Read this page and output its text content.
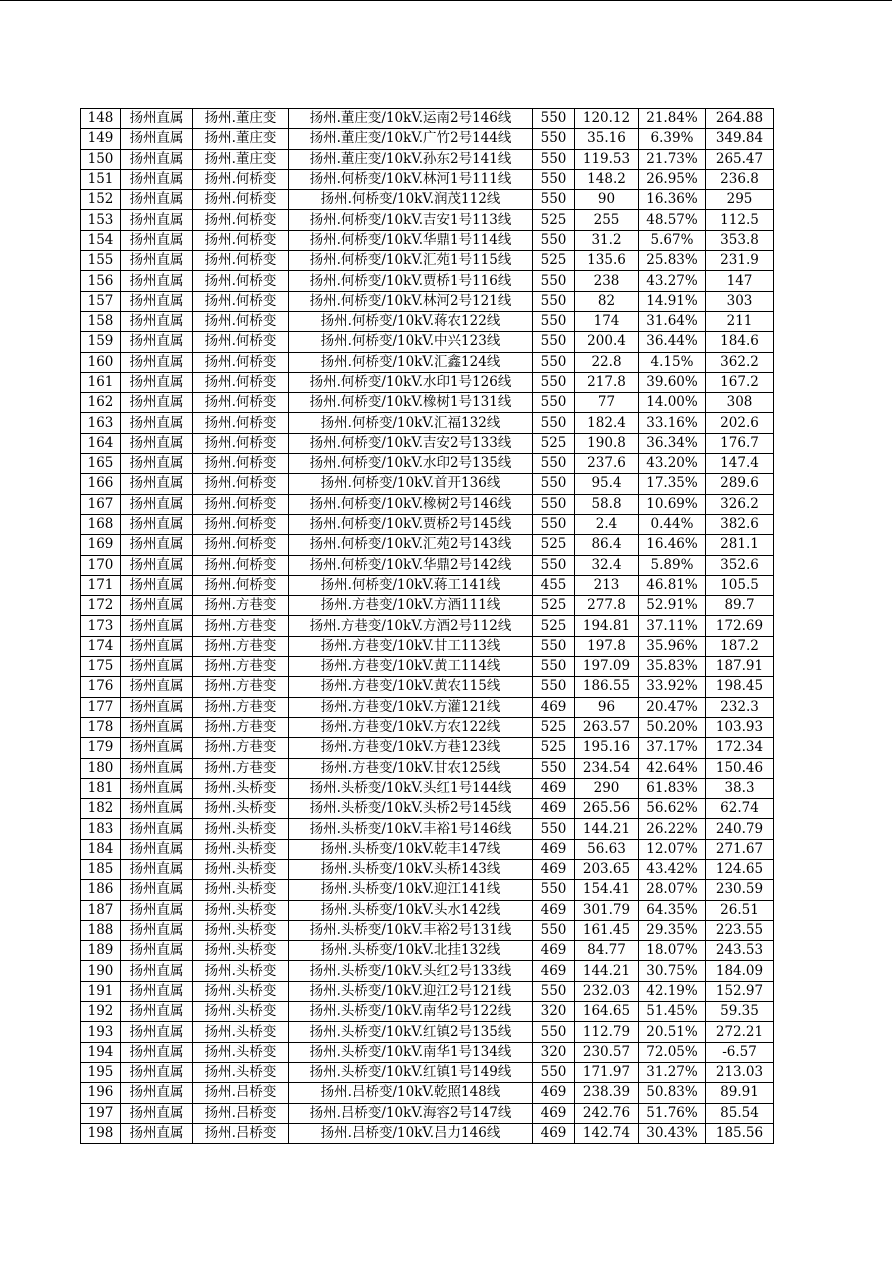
148	扬州直属	扬州.董庄变	扬州.董庄变/10kV.运南2号146线	550	120.12	21.84%	264.88
149	扬州直属	扬州.董庄变	扬州.董庄变/10kV.广竹2号144线	550	35.16	6.39%	349.84
150	扬州直属	扬州.董庄变	扬州.董庄变/10kV.孙东2号141线	550	119.53	21.73%	265.47
151	扬州直属	扬州.何桥变	扬州.何桥变/10kV.林河1号111线	550	148.2	26.95%	236.8
152	扬州直属	扬州.何桥变	扬州.何桥变/10kV.润茂112线	550	90	16.36%	295
153	扬州直属	扬州.何桥变	扬州.何桥变/10kV.吉安1号113线	525	255	48.57%	112.5
154	扬州直属	扬州.何桥变	扬州.何桥变/10kV.华鼎1号114线	550	31.2	5.67%	353.8
155	扬州直属	扬州.何桥变	扬州.何桥变/10kV.汇苑1号115线	525	135.6	25.83%	231.9
156	扬州直属	扬州.何桥变	扬州.何桥变/10kV.贾桥1号116线	550	238	43.27%	147
157	扬州直属	扬州.何桥变	扬州.何桥变/10kV.林河2号121线	550	82	14.91%	303
158	扬州直属	扬州.何桥变	扬州.何桥变/10kV.蒋农122线	550	174	31.64%	211
159	扬州直属	扬州.何桥变	扬州.何桥变/10kV.中兴123线	550	200.4	36.44%	184.6
160	扬州直属	扬州.何桥变	扬州.何桥变/10kV.汇鑫124线	550	22.8	4.15%	362.2
161	扬州直属	扬州.何桥变	扬州.何桥变/10kV.水印1号126线	550	217.8	39.60%	167.2
162	扬州直属	扬州.何桥变	扬州.何桥变/10kV.橡树1号131线	550	77	14.00%	308
163	扬州直属	扬州.何桥变	扬州.何桥变/10kV.汇福132线	550	182.4	33.16%	202.6
164	扬州直属	扬州.何桥变	扬州.何桥变/10kV.吉安2号133线	525	190.8	36.34%	176.7
165	扬州直属	扬州.何桥变	扬州.何桥变/10kV.水印2号135线	550	237.6	43.20%	147.4
166	扬州直属	扬州.何桥变	扬州.何桥变/10kV.首开136线	550	95.4	17.35%	289.6
167	扬州直属	扬州.何桥变	扬州.何桥变/10kV.橡树2号146线	550	58.8	10.69%	326.2
168	扬州直属	扬州.何桥变	扬州.何桥变/10kV.贾桥2号145线	550	2.4	0.44%	382.6
169	扬州直属	扬州.何桥变	扬州.何桥变/10kV.汇苑2号143线	525	86.4	16.46%	281.1
170	扬州直属	扬州.何桥变	扬州.何桥变/10kV.华鼎2号142线	550	32.4	5.89%	352.6
171	扬州直属	扬州.何桥变	扬州.何桥变/10kV.蒋工141线	455	213	46.81%	105.5
172	扬州直属	扬州.方巷变	扬州.方巷变/10kV.方酒111线	525	277.8	52.91%	89.7
173	扬州直属	扬州.方巷变	扬州.方巷变/10kV.方酒2号112线	525	194.81	37.11%	172.69
174	扬州直属	扬州.方巷变	扬州.方巷变/10kV.甘工113线	550	197.8	35.96%	187.2
175	扬州直属	扬州.方巷变	扬州.方巷变/10kV.黄工114线	550	197.09	35.83%	187.91
176	扬州直属	扬州.方巷变	扬州.方巷变/10kV.黄农115线	550	186.55	33.92%	198.45
177	扬州直属	扬州.方巷变	扬州.方巷变/10kV.方灌121线	469	96	20.47%	232.3
178	扬州直属	扬州.方巷变	扬州.方巷变/10kV.方农122线	525	263.57	50.20%	103.93
179	扬州直属	扬州.方巷变	扬州.方巷变/10kV.方巷123线	525	195.16	37.17%	172.34
180	扬州直属	扬州.方巷变	扬州.方巷变/10kV.甘农125线	550	234.54	42.64%	150.46
181	扬州直属	扬州.头桥变	扬州.头桥变/10kV.头红1号144线	469	290	61.83%	38.3
182	扬州直属	扬州.头桥变	扬州.头桥变/10kV.头桥2号145线	469	265.56	56.62%	62.74
183	扬州直属	扬州.头桥变	扬州.头桥变/10kV.丰裕1号146线	550	144.21	26.22%	240.79
184	扬州直属	扬州.头桥变	扬州.头桥变/10kV.乾丰147线	469	56.63	12.07%	271.67
185	扬州直属	扬州.头桥变	扬州.头桥变/10kV.头桥143线	469	203.65	43.42%	124.65
186	扬州直属	扬州.头桥变	扬州.头桥变/10kV.迎江141线	550	154.41	28.07%	230.59
187	扬州直属	扬州.头桥变	扬州.头桥变/10kV.头水142线	469	301.79	64.35%	26.51
188	扬州直属	扬州.头桥变	扬州.头桥变/10kV.丰裕2号131线	550	161.45	29.35%	223.55
189	扬州直属	扬州.头桥变	扬州.头桥变/10kV.北挂132线	469	84.77	18.07%	243.53
190	扬州直属	扬州.头桥变	扬州.头桥变/10kV.头红2号133线	469	144.21	30.75%	184.09
191	扬州直属	扬州.头桥变	扬州.头桥变/10kV.迎江2号121线	550	232.03	42.19%	152.97
192	扬州直属	扬州.头桥变	扬州.头桥变/10kV.南华2号122线	320	164.65	51.45%	59.35
193	扬州直属	扬州.头桥变	扬州.头桥变/10kV.红镇2号135线	550	112.79	20.51%	272.21
194	扬州直属	扬州.头桥变	扬州.头桥变/10kV.南华1号134线	320	230.57	72.05%	-6.57
195	扬州直属	扬州.头桥变	扬州.头桥变/10kV.红镇1号149线	550	171.97	31.27%	213.03
196	扬州直属	扬州.吕桥变	扬州.吕桥变/10kV.乾照148线	469	238.39	50.83%	89.91
197	扬州直属	扬州.吕桥变	扬州.吕桥变/10kV.海容2号147线	469	242.76	51.76%	85.54
198	扬州直属	扬州.吕桥变	扬州.吕桥变/10kV.吕力146线	469	142.74	30.43%	185.56
